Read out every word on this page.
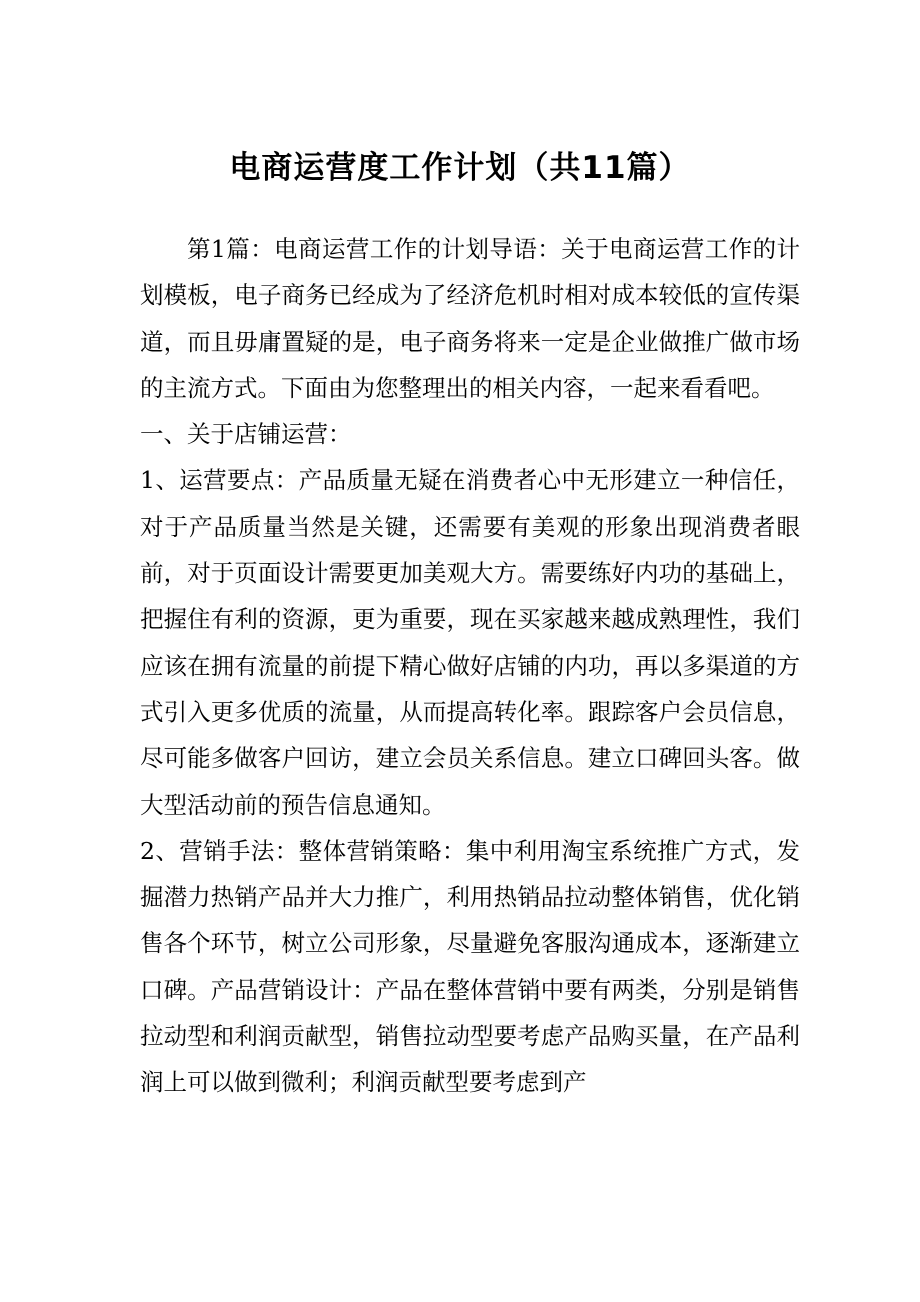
电商运营度工作计划（共11篇）

第1篇：电商运营工作的计划导语：关于电商运营工作的计划模板，电子商务已经成为了经济危机时相对成本较低的宣传渠道，而且毋庸置疑的是，电子商务将来一定是企业做推广做市场的主流方式。下面由为您整理出的相关内容，一起来看看吧。

一、关于店铺运营：

1、运营要点：产品质量无疑在消费者心中无形建立一种信任，对于产品质量当然是关键，还需要有美观的形象出现消费者眼前，对于页面设计需要更加美观大方。需要练好内功的基础上，把握住有利的资源，更为重要，现在买家越来越成熟理性，我们应该在拥有流量的前提下精心做好店铺的内功，再以多渠道的方式引入更多优质的流量，从而提高转化率。跟踪客户会员信息，尽可能多做客户回访，建立会员关系信息。建立口碑回头客。做大型活动前的预告信息通知。

2、营销手法：整体营销策略：集中利用淘宝系统推广方式，发掘潜力热销产品并大力推广，利用热销品拉动整体销售，优化销售各个环节，树立公司形象，尽量避免客服沟通成本，逐渐建立口碑。产品营销设计：产品在整体营销中要有两类，分别是销售拉动型和利润贡献型，销售拉动型要考虑产品购买量，在产品利润上可以做到微利；利润贡献型要考虑到产
